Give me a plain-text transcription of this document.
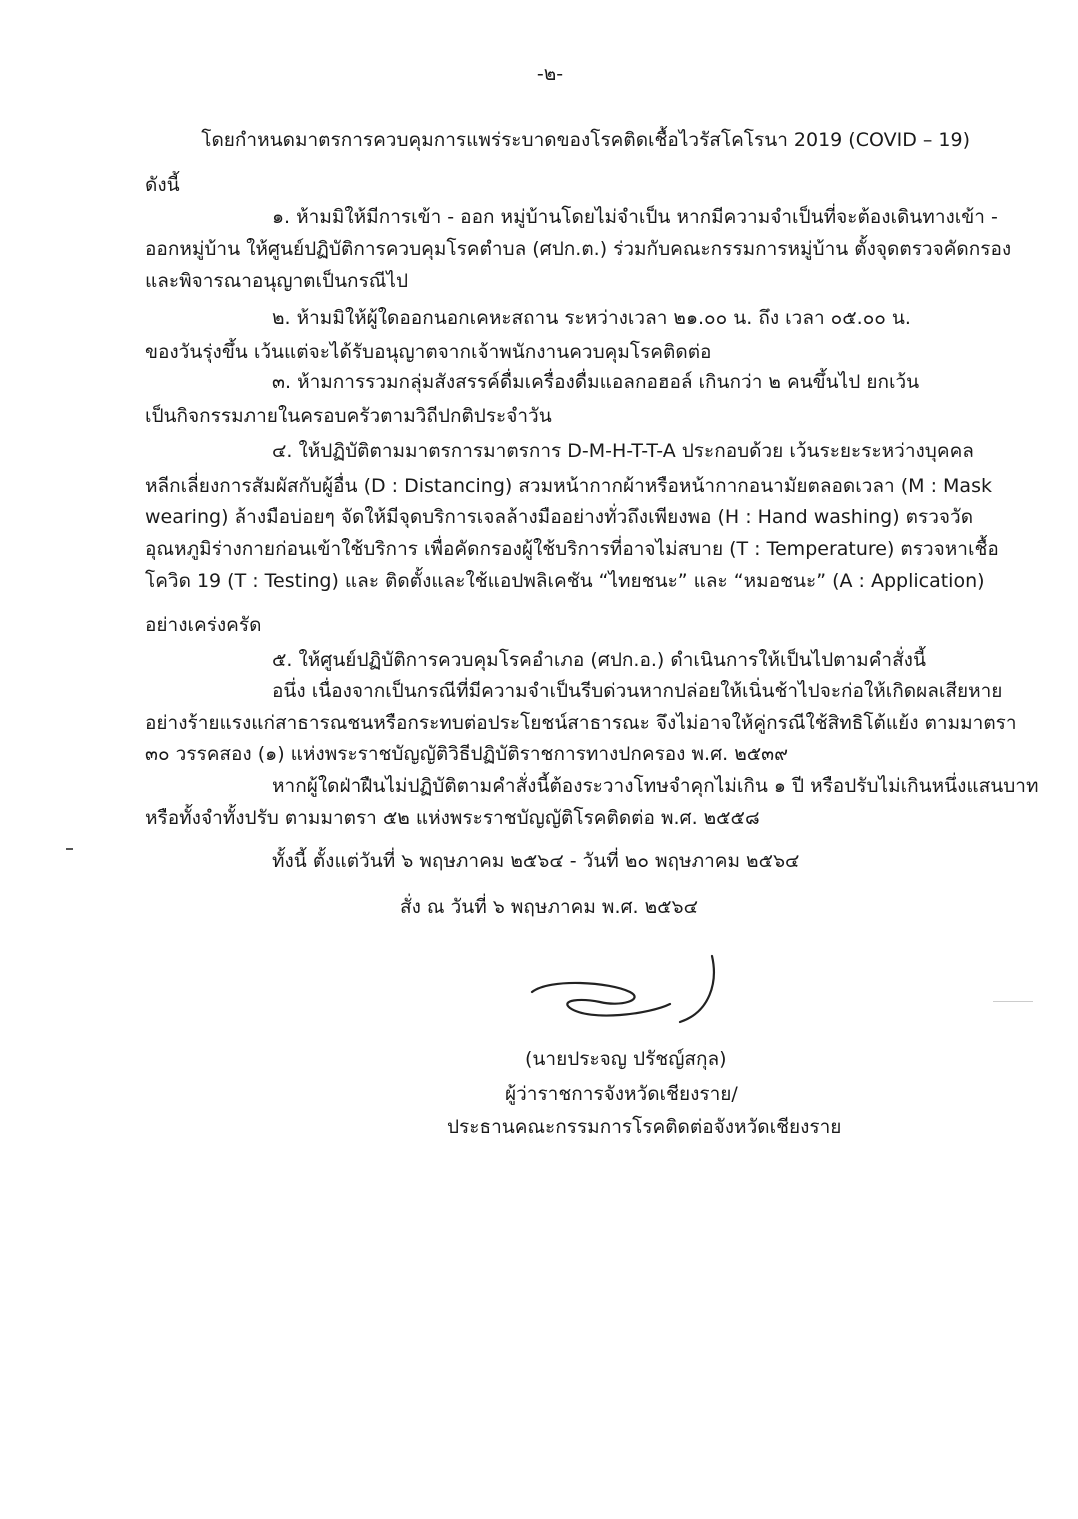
-๒-
โดยกำหนดมาตรการควบคุมการแพร่ระบาดของโรคติดเชื้อไวรัสโคโรนา 2019 (COVID – 19)
ดังนี้
๑. ห้ามมิให้มีการเข้า - ออก หมู่บ้านโดยไม่จำเป็น หากมีความจำเป็นที่จะต้องเดินทางเข้า -
ออกหมู่บ้าน ให้ศูนย์ปฏิบัติการควบคุมโรคตำบล (ศปก.ต.) ร่วมกับคณะกรรมการหมู่บ้าน ตั้งจุดตรวจคัดกรอง
และพิจารณาอนุญาตเป็นกรณีไป
๒. ห้ามมิให้ผู้ใดออกนอกเคหะสถาน ระหว่างเวลา ๒๑.๐๐ น. ถึง เวลา ๐๕.๐๐ น.
ของวันรุ่งขึ้น เว้นแต่จะได้รับอนุญาตจากเจ้าพนักงานควบคุมโรคติดต่อ
๓. ห้ามการรวมกลุ่มสังสรรค์ดื่มเครื่องดื่มแอลกอฮอล์ เกินกว่า ๒ คนขึ้นไป ยกเว้น
เป็นกิจกรรมภายในครอบครัวตามวิถีปกติประจำวัน
๔. ให้ปฏิบัติตามมาตรการมาตรการ D-M-H-T-T-A ประกอบด้วย เว้นระยะระหว่างบุคคล
หลีกเลี่ยงการสัมผัสกับผู้อื่น (D : Distancing) สวมหน้ากากผ้าหรือหน้ากากอนามัยตลอดเวลา (M : Mask
wearing) ล้างมือบ่อยๆ จัดให้มีจุดบริการเจลล้างมืออย่างทั่วถึงเพียงพอ (H : Hand washing) ตรวจวัด
อุณหภูมิร่างกายก่อนเข้าใช้บริการ เพื่อคัดกรองผู้ใช้บริการที่อาจไม่สบาย (T : Temperature) ตรวจหาเชื้อ
โควิด 19 (T : Testing) และ ติดตั้งและใช้แอปพลิเคชัน “ไทยชนะ” และ “หมอชนะ” (A : Application)
อย่างเคร่งครัด
๕. ให้ศูนย์ปฏิบัติการควบคุมโรคอำเภอ (ศปก.อ.) ดำเนินการให้เป็นไปตามคำสั่งนี้
อนึ่ง เนื่องจากเป็นกรณีที่มีความจำเป็นรีบด่วนหากปล่อยให้เนิ่นช้าไปจะก่อให้เกิดผลเสียหาย
อย่างร้ายแรงแก่สาธารณชนหรือกระทบต่อประโยชน์สาธารณะ จึงไม่อาจให้คู่กรณีใช้สิทธิโต้แย้ง ตามมาตรา
๓๐ วรรคสอง (๑) แห่งพระราชบัญญัติวิธีปฏิบัติราชการทางปกครอง พ.ศ. ๒๕๓๙
หากผู้ใดฝ่าฝืนไม่ปฏิบัติตามคำสั่งนี้ต้องระวางโทษจำคุกไม่เกิน ๑ ปี หรือปรับไม่เกินหนึ่งแสนบาท
หรือทั้งจำทั้งปรับ ตามมาตรา ๕๒ แห่งพระราชบัญญัติโรคติดต่อ พ.ศ. ๒๕๕๘
ทั้งนี้ ตั้งแต่วันที่ ๖ พฤษภาคม ๒๕๖๔ - วันที่ ๒๐ พฤษภาคม ๒๕๖๔
สั่ง ณ วันที่ ๖ พฤษภาคม พ.ศ. ๒๕๖๔
(นายประจญ ปรัชญ์สกุล)
ผู้ว่าราชการจังหวัดเชียงราย/
ประธานคณะกรรมการโรคติดต่อจังหวัดเชียงราย
